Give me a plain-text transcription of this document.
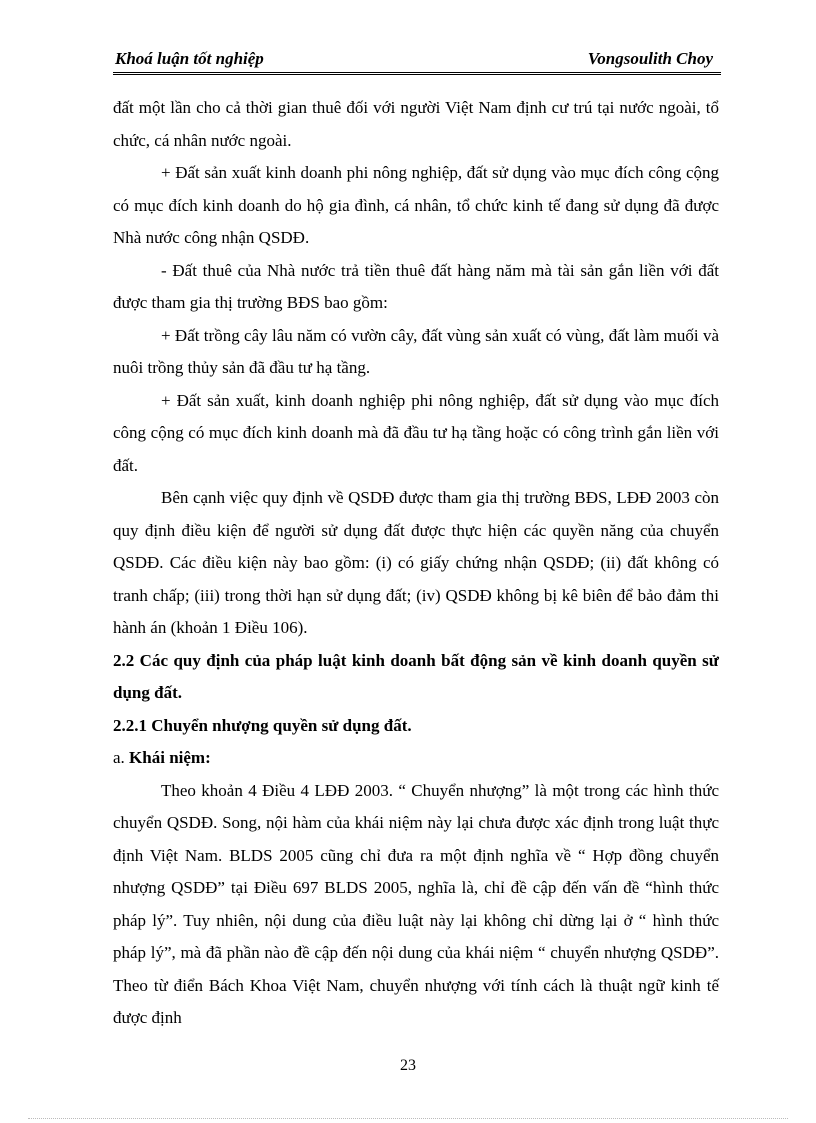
Khoá luận tốt nghiệp	Vongsoulith Choy

đất một lần cho cả thời gian thuê đối với người Việt Nam định cư trú tại nước ngoài, tổ chức, cá nhân nước ngoài.

+ Đất sản xuất kinh doanh phi nông nghiệp, đất sử dụng vào mục đích công cộng có mục đích kinh doanh do hộ gia đình, cá nhân, tổ chức kinh tế đang sử dụng đã được Nhà nước công nhận QSDĐ.

- Đất thuê của Nhà nước trả tiền thuê đất hàng năm mà tài sản gắn liền với đất được tham gia thị trường BĐS bao gồm:

+ Đất trồng cây lâu năm có vườn cây, đất vùng sản xuất có vùng, đất làm muối và nuôi trồng thủy sản đã đầu tư hạ tầng.

+ Đất sản xuất, kinh doanh nghiệp phi nông nghiệp, đất sử dụng vào mục đích công cộng có mục đích kinh doanh mà đã đầu tư hạ tầng hoặc có công trình gắn liền với đất.

Bên cạnh việc quy định về QSDĐ được tham gia thị trường BĐS, LĐĐ 2003 còn quy định điều kiện để người sử dụng đất được thực hiện các quyền năng của chuyển QSDĐ. Các điều kiện này bao gồm: (i) có giấy chứng nhận QSDĐ; (ii) đất không có tranh chấp; (iii) trong thời hạn sử dụng đất; (iv) QSDĐ không bị kê biên để bảo đảm thi hành án (khoản 1 Điều 106).

2.2 Các quy định của pháp luật kinh doanh bất động sản về kinh doanh quyền sử dụng đất.

2.2.1 Chuyển nhượng quyền sử dụng đất.

a. Khái niệm:

Theo khoản 4 Điều 4 LĐĐ 2003. “ Chuyển nhượng” là một trong các hình thức chuyển QSDĐ. Song, nội hàm của khái niệm này lại chưa được xác định trong luật thực định Việt Nam. BLDS 2005 cũng chỉ đưa ra một định nghĩa về “ Hợp đồng chuyển nhượng QSDĐ” tại Điều 697 BLDS 2005, nghĩa là, chỉ đề cập đến vấn đề “hình thức pháp lý”. Tuy nhiên, nội dung của điều luật này lại không chỉ dừng lại ở “ hình thức pháp lý”, mà đã phần nào đề cập đến nội dung của khái niệm “ chuyển nhượng QSDĐ”. Theo từ điển Bách Khoa Việt Nam, chuyển nhượng với tính cách là thuật ngữ kinh tế được định

23
